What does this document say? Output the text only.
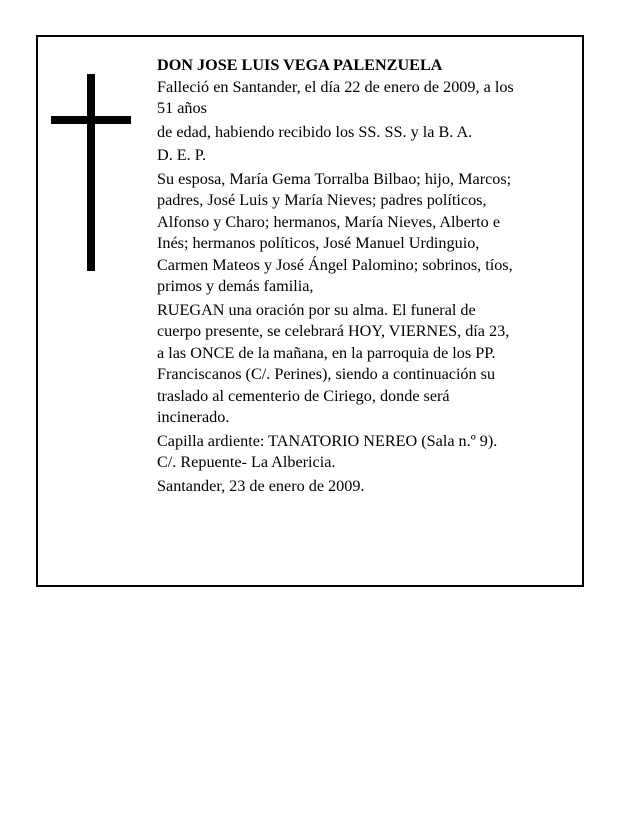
DON JOSE LUIS VEGA PALENZUELA
Falleció en Santander, el día 22 de enero de 2009, a los
51 años
de edad, habiendo recibido los SS. SS. y la B. A.
D. E. P.
Su esposa, María Gema Torralba Bilbao; hijo, Marcos;
padres, José Luis y María Nieves; padres políticos,
Alfonso y Charo; hermanos, María Nieves, Alberto e
Inés; hermanos políticos, José Manuel Urdinguio,
Carmen Mateos y José Ángel Palomino; sobrinos, tíos,
primos y demás familia,
RUEGAN una oración por su alma. El funeral de
cuerpo presente, se celebrará HOY, VIERNES, día 23,
a las ONCE de la mañana, en la parroquia de los PP.
Franciscanos (C/. Perines), siendo a continuación su
traslado al cementerio de Ciriego, donde será
incinerado.
Capilla ardiente: TANATORIO NEREO (Sala n.º 9).
C/. Repuente- La Albericia.
Santander, 23 de enero de 2009.
